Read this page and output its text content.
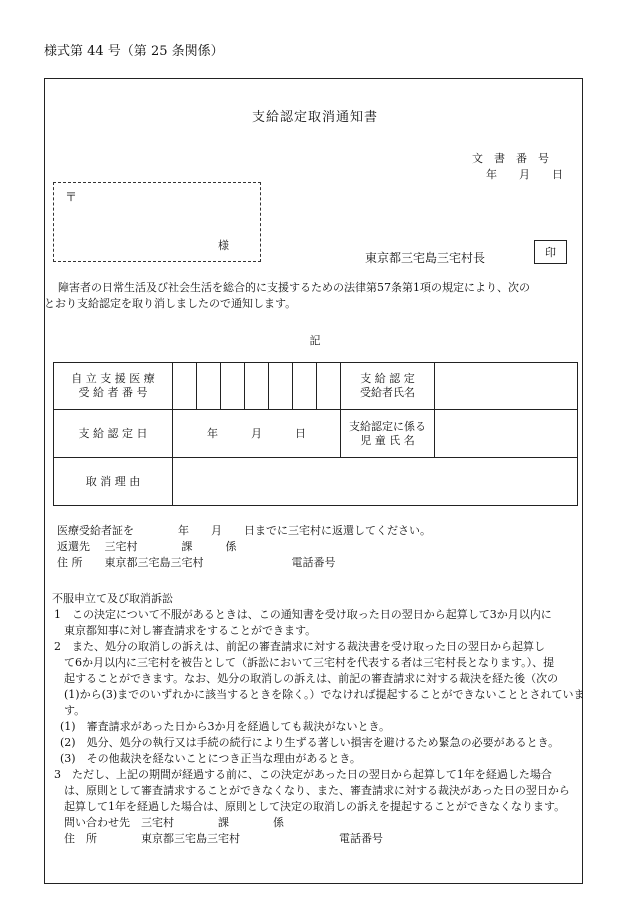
様式第 44 号（第 25 条関係）
支給認定取消通知書
文　書　番　号
年　　月　　日
〒
様
東京都三宅島三宅村長	印

障害者の日常生活及び社会生活を総合的に支援するための法律第57条第1項の規定により、次の

とおり支給認定を取り消しましたので通知します。

記
自 立 支 援 医 療
受 給 者 番 号
支 給 認 定
受給者氏名
支 給 認 定 日	年　　　月　　　日
支給認定に係る
児 童 氏 名
取 消 理 由
医療受給者証を　　　　年　　月　　日までに三宅村に返還してください。
返還先　 三宅村　　　　課　　　係
住 所　　東京都三宅島三宅村　　　　　　　　電話番号
不服申立て及び取消訴訟
1　この決定について不服があるときは、この通知書を受け取った日の翌日から起算して3か月以内に
東京都知事に対し審査請求をすることができます。
2　また、処分の取消しの訴えは、前記の審査請求に対する裁決書を受け取った日の翌日から起算し
て6か月以内に三宅村を被告として（訴訟において三宅村を代表する者は三宅村長となります。）、提
起することができます。なお、処分の取消しの訴えは、前記の審査請求に対する裁決を経た後（次の
(1)から(3)までのいずれかに該当するときを除く。）でなければ提起することができないこととされていま
す。
(1)　審査請求があった日から3か月を経過しても裁決がないとき。
(2)　処分、処分の執行又は手続の続行により生ずる著しい損害を避けるため緊急の必要があるとき。
(3)　その他裁決を経ないことにつき正当な理由があるとき。
3　ただし、上記の期間が経過する前に、この決定があった日の翌日から起算して1年を経過した場合
は、原則として審査請求することができなくなり、また、審査請求に対する裁決があった日の翌日から
起算して1年を経過した場合は、原則として決定の取消しの訴えを提起することができなくなります。
問い合わせ先　三宅村　　　　課　　　　係
住　所　　　　東京都三宅島三宅村　　　　　　　　　電話番号
